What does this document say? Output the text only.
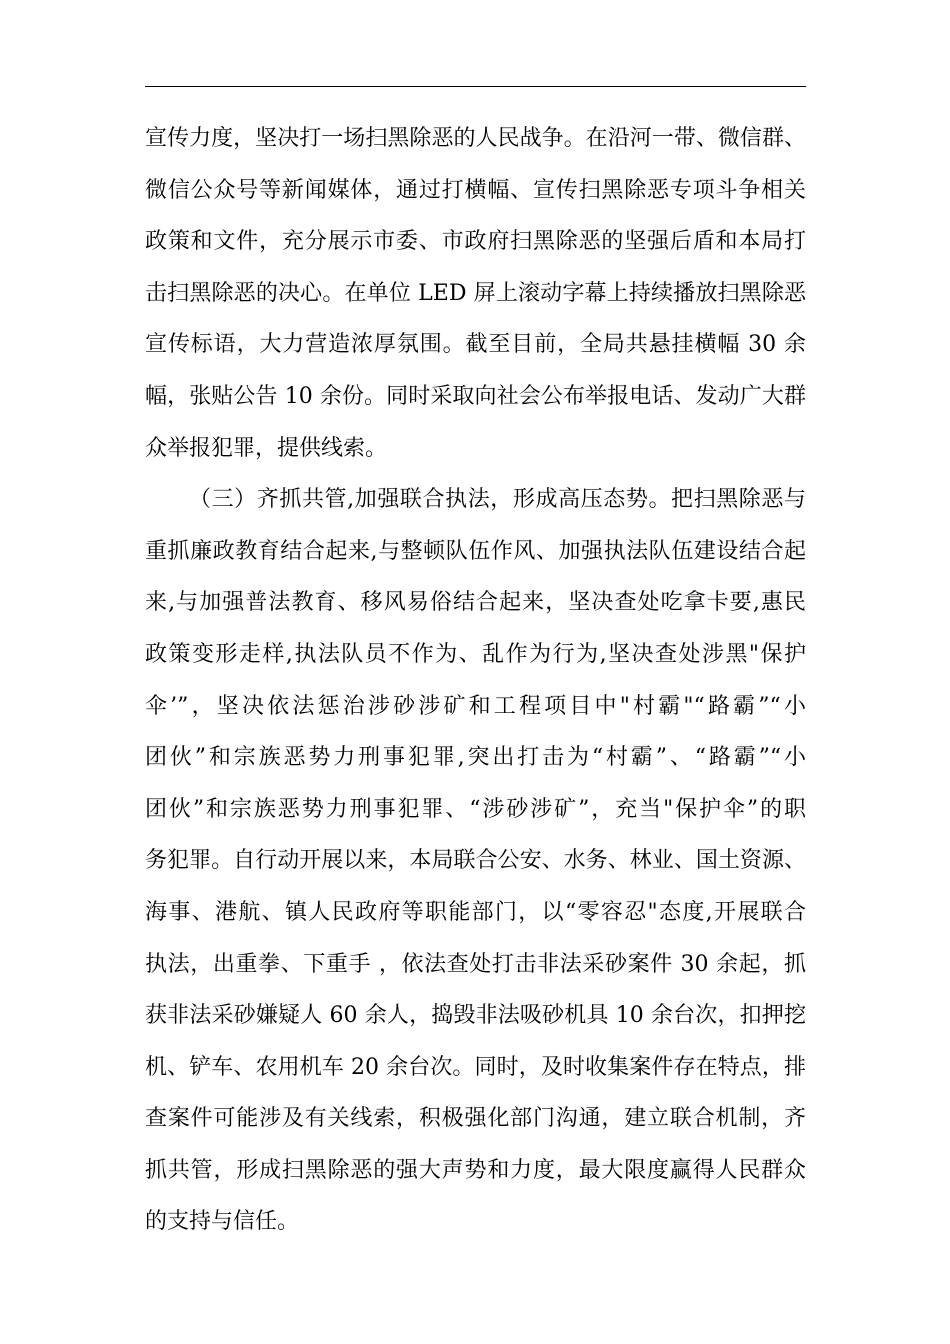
宣传力度，坚决打一场扫黑除恶的人民战争。在沿河一带、微信群、
微信公众号等新闻媒体，通过打横幅、宣传扫黑除恶专项斗争相关
政策和文件，充分展示市委、市政府扫黑除恶的坚强后盾和本局打
击扫黑除恶的决心。在单位 LED 屏上滚动字幕上持续播放扫黑除恶
宣传标语，大力营造浓厚氛围。截至目前，全局共悬挂横幅 30 余
幅，张贴公告 10 余份。同时采取向社会公布举报电话、发动广大群
众举报犯罪，提供线索。
（三）齐抓共管,加强联合执法，形成高压态势。把扫黑除恶与
重抓廉政教育结合起来,与整顿队伍作风、加强执法队伍建设结合起
来,与加强普法教育、移风易俗结合起来，坚决查处吃拿卡要,惠民
政策变形走样,执法队员不作为、乱作为行为,坚决查处涉黑"保护
伞’”，坚决依法惩治涉砂涉矿和工程项目中"村霸"“路霸”“小
团伙”和宗族恶势力刑事犯罪,突出打击为“村霸”、“路霸”“小
团伙”和宗族恶势力刑事犯罪、“涉砂涉矿”，充当"保护伞”的职
务犯罪。自行动开展以来，本局联合公安、水务、林业、国土资源、
海事、港航、镇人民政府等职能部门，以“零容忍"态度,开展联合
执法，出重拳、下重手 ，依法查处打击非法采砂案件 30 余起，抓
获非法采砂嫌疑人 60 余人，捣毁非法吸砂机具 10 余台次，扣押挖
机、铲车、农用机车 20 余台次。同时，及时收集案件存在特点，排
查案件可能涉及有关线索，积极强化部门沟通，建立联合机制，齐
抓共管，形成扫黑除恶的强大声势和力度，最大限度赢得人民群众
的支持与信任。
